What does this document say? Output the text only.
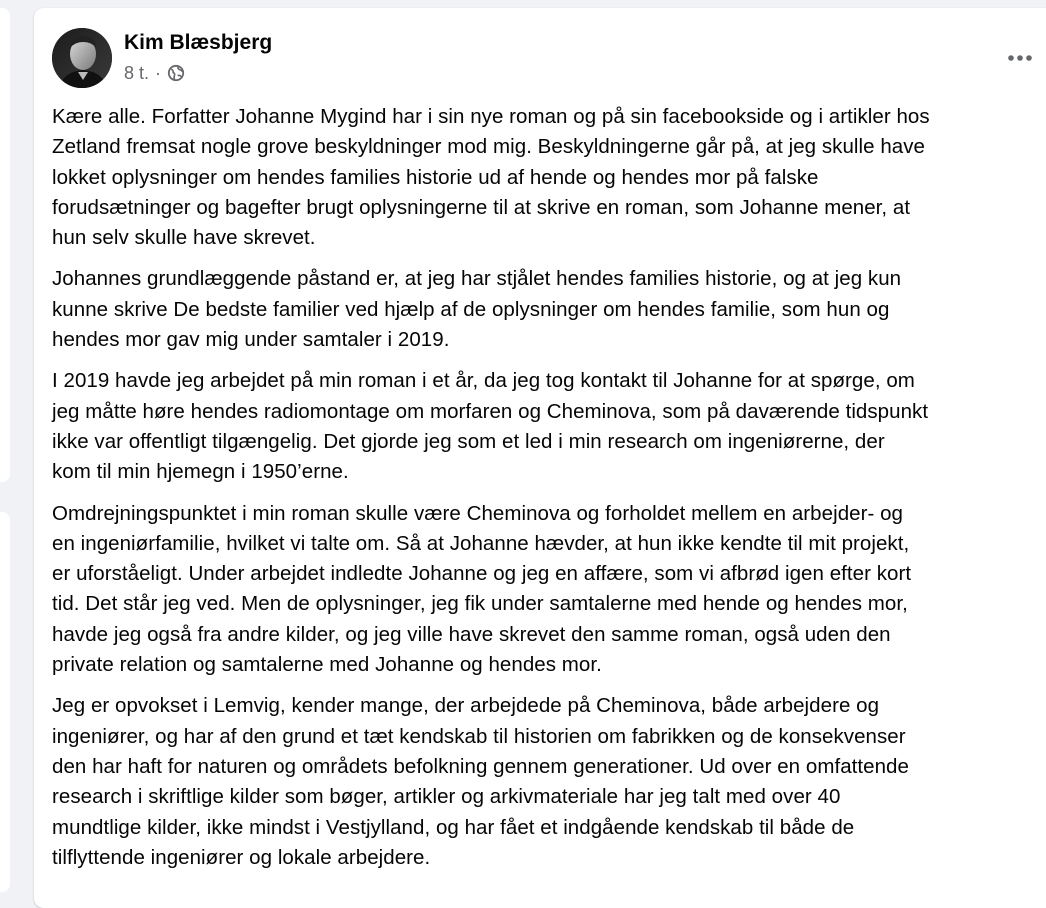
Kim Blæsbjerg
8 t. ·

Kære alle. Forfatter Johanne Mygind har i sin nye roman og på sin facebookside og i artikler hos
Zetland fremsat nogle grove beskyldninger mod mig. Beskyldningerne går på, at jeg skulle have
lokket oplysninger om hendes families historie ud af hende og hendes mor på falske
forudsætninger og bagefter brugt oplysningerne til at skrive en roman, som Johanne mener, at
hun selv skulle have skrevet.

Johannes grundlæggende påstand er, at jeg har stjålet hendes families historie, og at jeg kun
kunne skrive De bedste familier ved hjælp af de oplysninger om hendes familie, som hun og
hendes mor gav mig under samtaler i 2019.

I 2019 havde jeg arbejdet på min roman i et år, da jeg tog kontakt til Johanne for at spørge, om
jeg måtte høre hendes radiomontage om morfaren og Cheminova, som på daværende tidspunkt
ikke var offentligt tilgængelig. Det gjorde jeg som et led i min research om ingeniørerne, der
kom til min hjemegn i 1950’erne.

Omdrejningspunktet i min roman skulle være Cheminova og forholdet mellem en arbejder- og
en ingeniørfamilie, hvilket vi talte om. Så at Johanne hævder, at hun ikke kendte til mit projekt,
er uforståeligt. Under arbejdet indledte Johanne og jeg en affære, som vi afbrød igen efter kort
tid. Det står jeg ved. Men de oplysninger, jeg fik under samtalerne med hende og hendes mor,
havde jeg også fra andre kilder, og jeg ville have skrevet den samme roman, også uden den
private relation og samtalerne med Johanne og hendes mor.

Jeg er opvokset i Lemvig, kender mange, der arbejdede på Cheminova, både arbejdere og
ingeniører, og har af den grund et tæt kendskab til historien om fabrikken og de konsekvenser
den har haft for naturen og områdets befolkning gennem generationer. Ud over en omfattende
research i skriftlige kilder som bøger, artikler og arkivmateriale har jeg talt med over 40
mundtlige kilder, ikke mindst i Vestjylland, og har fået et indgående kendskab til både de
tilflyttende ingeniører og lokale arbejdere.
